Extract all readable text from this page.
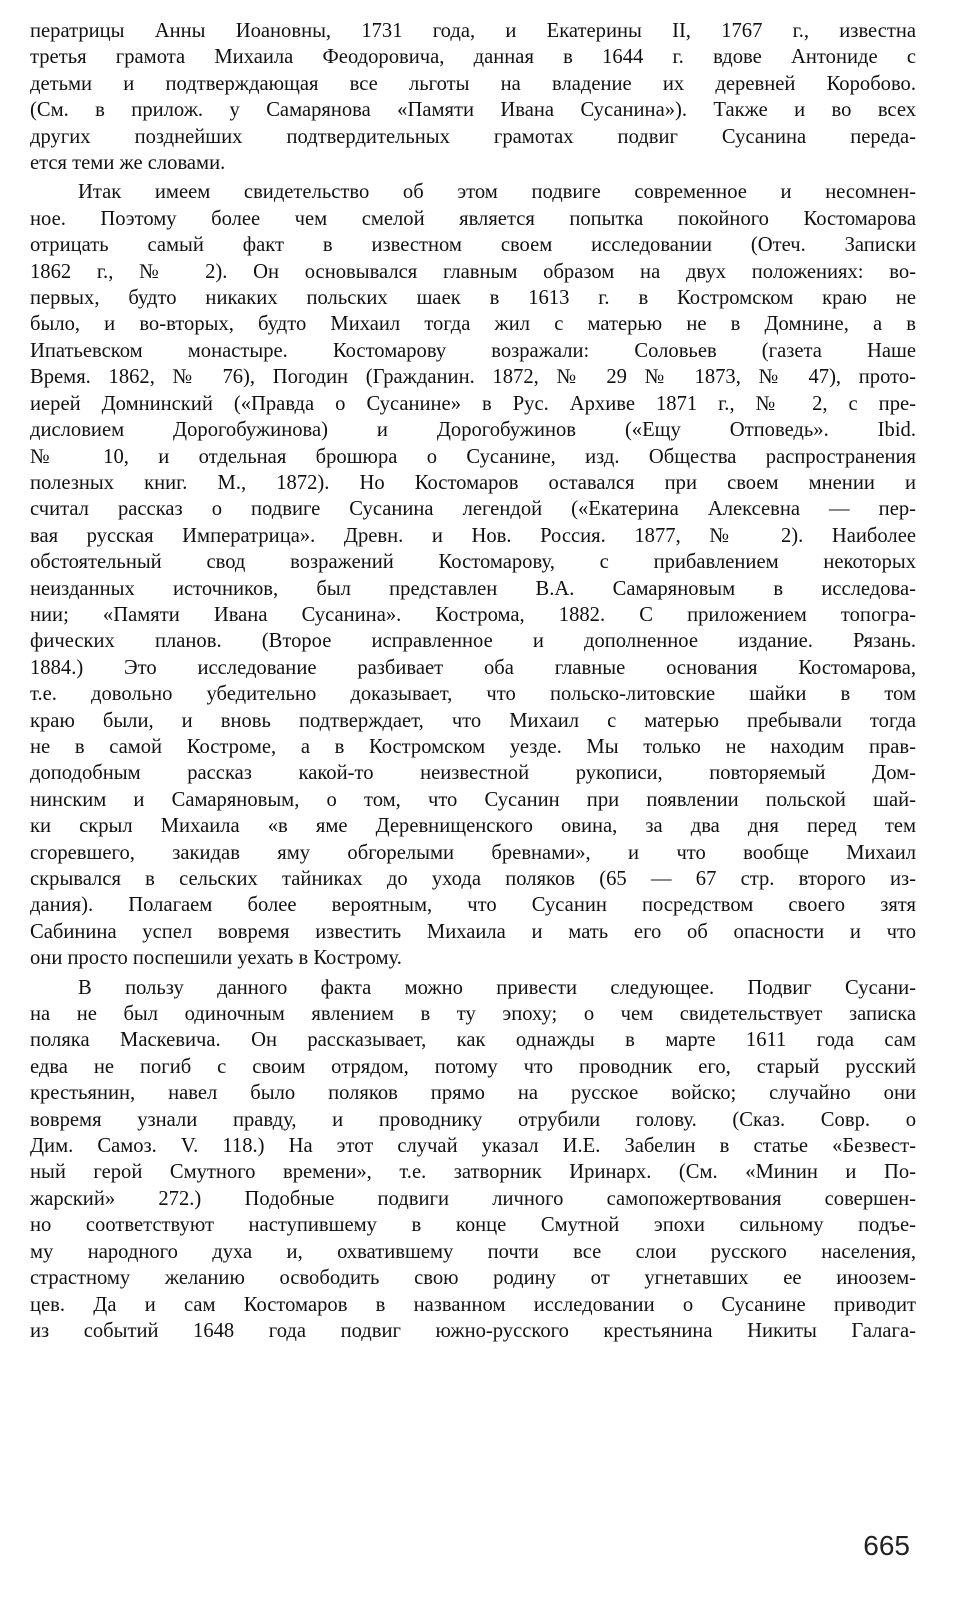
ператрицы Анны Иоановны, 1731 года, и Екатерины II, 1767 г., известна
третья грамота Михаила Феодоровича, данная в 1644 г. вдове Антониде с
детьми и подтверждающая все льготы на владение их деревней Коробово.
(См. в прилож. у Самарянова «Памяти Ивана Сусанина»). Также и во всех
других позднейших подтвердительных грамотах подвиг Сусанина переда-
ется теми же словами.

Итак имеем свидетельство об этом подвиге современное и несомнен-
ное. Поэтому более чем смелой является попытка покойного Костомарова
отрицать самый факт в известном своем исследовании (Отеч. Записки
1862 г., № 2). Он основывался главным образом на двух положениях: во-
первых, будто никаких польских шаек в 1613 г. в Костромском краю не
было, и во-вторых, будто Михаил тогда жил с матерью не в Домнине, а в
Ипатьевском монастыре. Костомарову возражали: Соловьев (газета Наше
Время. 1862, № 76), Погодин (Гражданин. 1872, № 29 № 1873, № 47), прото-
иерей Домнинский («Правда о Сусанине» в Рус. Архиве 1871 г., № 2, с пре-
дисловием Дорогобужинова) и Дорогобужинов («Ещу Отповедь». Ibid.
№ 10, и отдельная брошюра о Сусанине, изд. Общества распространения
полезных книг. М., 1872). Но Костомаров оставался при своем мнении и
считал рассказ о подвиге Сусанина легендой («Екатерина Алексевна — пер-
вая русская Императрица». Древн. и Нов. Россия. 1877, № 2). Наиболее
обстоятельный свод возражений Костомарову, с прибавлением некоторых
неизданных источников, был представлен В.А. Самаряновым в исследова-
нии; «Памяти Ивана Сусанина». Кострома, 1882. С приложением топогра-
фических планов. (Второе исправленное и дополненное издание. Рязань.
1884.) Это исследование разбивает оба главные основания Костомарова,
т.е. довольно убедительно доказывает, что польско-литовские шайки в том
краю были, и вновь подтверждает, что Михаил с матерью пребывали тогда
не в самой Костроме, а в Костромском уезде. Мы только не находим прав-
доподобным рассказ какой-то неизвестной рукописи, повторяемый Дом-
нинским и Самаряновым, о том, что Сусанин при появлении польской шай-
ки скрыл Михаила «в яме Деревнищенского овина, за два дня перед тем
сгоревшего, закидав яму обгорелыми бревнами», и что вообще Михаил
скрывался в сельских тайниках до ухода поляков (65 — 67 стр. второго из-
дания). Полагаем более вероятным, что Сусанин посредством своего зятя
Сабинина успел вовремя известить Михаила и мать его об опасности и что
они просто поспешили уехать в Кострому.

В пользу данного факта можно привести следующее. Подвиг Сусани-
на не был одиночным явлением в ту эпоху; о чем свидетельствует записка
поляка Маскевича. Он рассказывает, как однажды в марте 1611 года сам
едва не погиб с своим отрядом, потому что проводник его, старый русский
крестьянин, навел было поляков прямо на русское войско; случайно они
вовремя узнали правду, и проводнику отрубили голову. (Сказ. Совр. о
Дим. Самоз. V. 118.) На этот случай указал И.Е. Забелин в статье «Безвест-
ный герой Смутного времени», т.е. затворник Иринарх. (См. «Минин и По-
жарский» 272.) Подобные подвиги личного самопожертвования совершен-
но соответствуют наступившему в конце Смутной эпохи сильному подъе-
му народного духа и, охватившему почти все слои русского населения,
страстному желанию освободить свою родину от угнетавших ее иноозем-
цев. Да и сам Костомаров в названном исследовании о Сусанине приводит
из событий 1648 года подвиг южно-русского крестьянина Никиты Галага-

665
